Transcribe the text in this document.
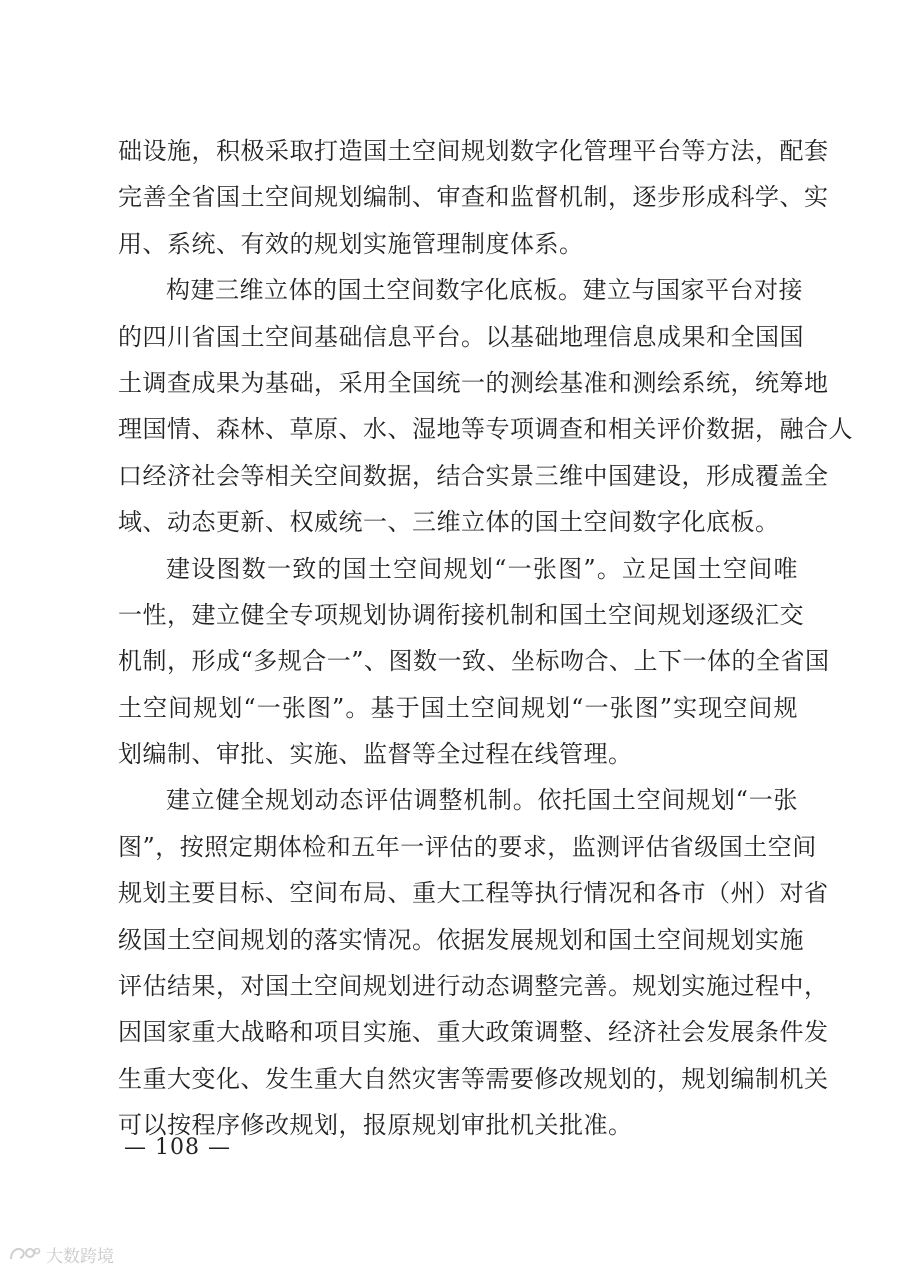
础设施，积极采取打造国土空间规划数字化管理平台等方法，配套
完善全省国土空间规划编制、审查和监督机制，逐步形成科学、实
用、系统、有效的规划实施管理制度体系。
构建三维立体的国土空间数字化底板。建立与国家平台对接
的四川省国土空间基础信息平台。以基础地理信息成果和全国国
土调查成果为基础，采用全国统一的测绘基准和测绘系统，统筹地
理国情、森林、草原、水、湿地等专项调查和相关评价数据，融合人
口经济社会等相关空间数据，结合实景三维中国建设，形成覆盖全
域、动态更新、权威统一、三维立体的国土空间数字化底板。
建设图数一致的国土空间规划“一张图”。立足国土空间唯
一性，建立健全专项规划协调衔接机制和国土空间规划逐级汇交
机制，形成“多规合一”、图数一致、坐标吻合、上下一体的全省国
土空间规划“一张图”。基于国土空间规划“一张图”实现空间规
划编制、审批、实施、监督等全过程在线管理。
建立健全规划动态评估调整机制。依托国土空间规划“一张
图”，按照定期体检和五年一评估的要求，监测评估省级国土空间
规划主要目标、空间布局、重大工程等执行情况和各市（州）对省
级国土空间规划的落实情况。依据发展规划和国土空间规划实施
评估结果，对国土空间规划进行动态调整完善。规划实施过程中，
因国家重大战略和项目实施、重大政策调整、经济社会发展条件发
生重大变化、发生重大自然灾害等需要修改规划的，规划编制机关
可以按程序修改规划，报原规划审批机关批准。
— 108 —
大数跨境
